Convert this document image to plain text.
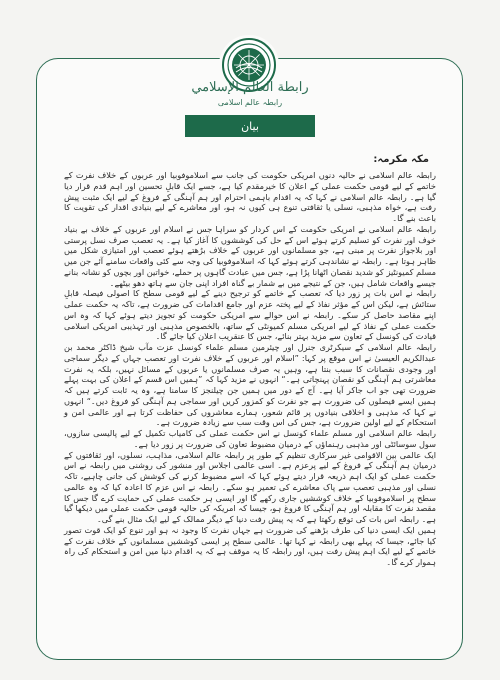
رابطة العالم الإسلامي
رابطہ عالم اسلامی
بیان
مکہ مکرمہ:

رابطہ عالم اسلامی نے حالیہ دنوں امریکی حکومت کی جانب سے اسلاموفوبیا اور عربوں کے خلاف نفرت کے خاتمے کے لیے قومی حکمت عملی کے اعلان کا خیرمقدم کیا ہے، جسے ایک قابلِ تحسین اور اہم قدم قرار دیا گیا ہے۔ رابطہ عالم اسلامی نے کہا کہ یہ اقدام باہمی احترام اور ہم آہنگی کے فروغ کے لیے ایک مثبت پیش رفت ہے، خواہ مذہبی، نسلی یا ثقافتی تنوع ہی کیوں نہ ہو، اور معاشرے کے لیے بنیادی اقدار کی تقویت کا باعث بنے گا۔

رابطہ عالم اسلامی نے امریکی حکومت کے اس کردار کو سراہا جس نے اسلام اور عربوں کے خلاف بے بنیاد خوف اور نفرت کو تسلیم کرتے ہوئے اس کے حل کی کوششوں کا آغاز کیا ہے۔ یہ تعصب صرف نسل پرستی اور بلاجواز نفرت پر مبنی ہے، جو مسلمانوں اور عربوں کے خلاف بڑھتے ہوئے تعصب اور امتیازی شکل میں ظاہر ہوتا ہے۔ رابطہ نے نشاندہی کرتے ہوئے کہا کہ اسلاموفوبیا کی وجہ سے کئی واقعات سامنے آئے جن میں مسلم کمیونٹیز کو شدید نقصان اٹھانا پڑا ہے، جس میں عبادت گاہوں پر حملے، خواتین اور بچوں کو نشانہ بنانے جیسے واقعات شامل ہیں، جن کے نتیجے میں بے شمار بے گناہ افراد اپنی جان سے ہاتھ دھو بیٹھے۔

رابطہ نے اس بات پر زور دیا کہ تعصب کے خاتمے کو ترجیح دینے کے لیے قومی سطح کا اصولی فیصلہ قابلِ ستائش ہے، لیکن اس کے مؤثر نفاذ کے لیے پختہ عزم اور جامع اقدامات کی ضرورت ہے، تاکہ یہ حکمت عملی اپنے مقاصد حاصل کر سکے۔ رابطہ نے اس حوالے سے امریکی حکومت کو تجویز دیتے ہوئے کہا کہ وہ اس حکمت عملی کے نفاذ کے لیے امریکی مسلم کمیونٹی کے ساتھ، بالخصوص مذہبی اور تہذیبی امریکی اسلامی قیادت کی کونسل کے تعاون سے مزید بہتر بنائے، جس کا عنقریب اعلان کیا جائے گا۔

رابطہ عالم اسلامی کے سیکرٹری جنرل اور چیئرمین مسلم علماء کونسل عزت مآب شیخ ڈاکٹر محمد بن عبدالکریم العیسیٰ نے اس موقع پر کہا: ”اسلام اور عربوں کے خلاف نفرت اور تعصب جہاں کے دیگر سماجی اور وجودی نقصانات کا سبب بنتا ہے، وہیں یہ صرف مسلمانوں یا عربوں کے مسائل نہیں، بلکہ یہ نفرت معاشرتی ہم آہنگی کو نقصان پہنچاتی ہے۔“ انہوں نے مزید کہا کہ ”ہمیں اس قسم کے اعلان کی بہت پہلے ضرورت تھی جو اب جاکر آیا ہے۔ آج کے دور میں ہمیں جن چیلنجز کا سامنا ہے، وہ یہ ثابت کرتے ہیں کہ ہمیں ایسے فیصلوں کی ضرورت ہے جو نفرت کو کمزور کریں اور سماجی ہم آہنگی کو فروغ دیں۔“ انہوں نے کہا کہ مذہبی و اخلاقی بنیادوں پر قائم شعور، ہمارے معاشروں کی حفاظت کرتا ہے اور عالمی امن و استحکام کے لیے اولین ضرورت ہے، جس کی اس وقت سب سے زیادہ ضرورت ہے۔

رابطہ عالم اسلامی اور مسلم علماء کونسل نے اس حکمت عملی کی کامیاب تکمیل کے لیے پالیسی سازوں، سول سوسائٹی اور مذہبی رہنماؤں کے درمیان مضبوط تعاون کی ضرورت پر زور دیا ہے۔

ایک عالمی بین الاقوامی غیر سرکاری تنظیم کے طور پر رابطہ عالم اسلامی، مذاہب، نسلوں، اور ثقافتوں کے درمیان ہم آہنگی کے فروغ کے لیے پرعزم ہے۔ اسی عالمی اجلاس اور منشور کی روشنی میں رابطہ نے اس حکمت عملی کو ایک اہم ذریعہ قرار دیتے ہوئے کہا کہ اسے مضبوط کرنے کی کوشش کی جانی چاہیے، تاکہ نسلی اور مذہبی تعصب سے پاک معاشرے کی تعمیر ہو سکے۔ رابطہ نے اس عزم کا اعادہ کیا کہ وہ عالمی سطح پر اسلاموفوبیا کے خلاف کوششیں جاری رکھے گا اور ایسی ہر حکمت عملی کی حمایت کرے گا جس کا مقصد نفرت کا مقابلہ اور ہم آہنگی کا فروغ ہو، جیسا کہ امریکہ کی حالیہ قومی حکمت عملی میں دیکھا گیا ہے۔ رابطہ اس بات کی توقع رکھتا ہے کہ یہ پیش رفت دنیا کے دیگر ممالک کے لیے ایک مثال بنے گی۔

ہمیں ایک ایسی دنیا کی طرف بڑھنے کی ضرورت ہے جہاں نفرت کا وجود نہ ہو اور تنوع کو ایک قوت تصور کیا جائے، جیسا کہ پہلے بھی رابطہ نے کہا تھا۔ عالمی سطح پر ایسی کوششیں مسلمانوں کے خلاف نفرت کے خاتمے کے لیے ایک اہم پیش رفت ہیں، اور رابطہ کا یہ موقف ہے کہ یہ اقدام دنیا میں امن و استحکام کی راہ ہموار کرے گا۔
